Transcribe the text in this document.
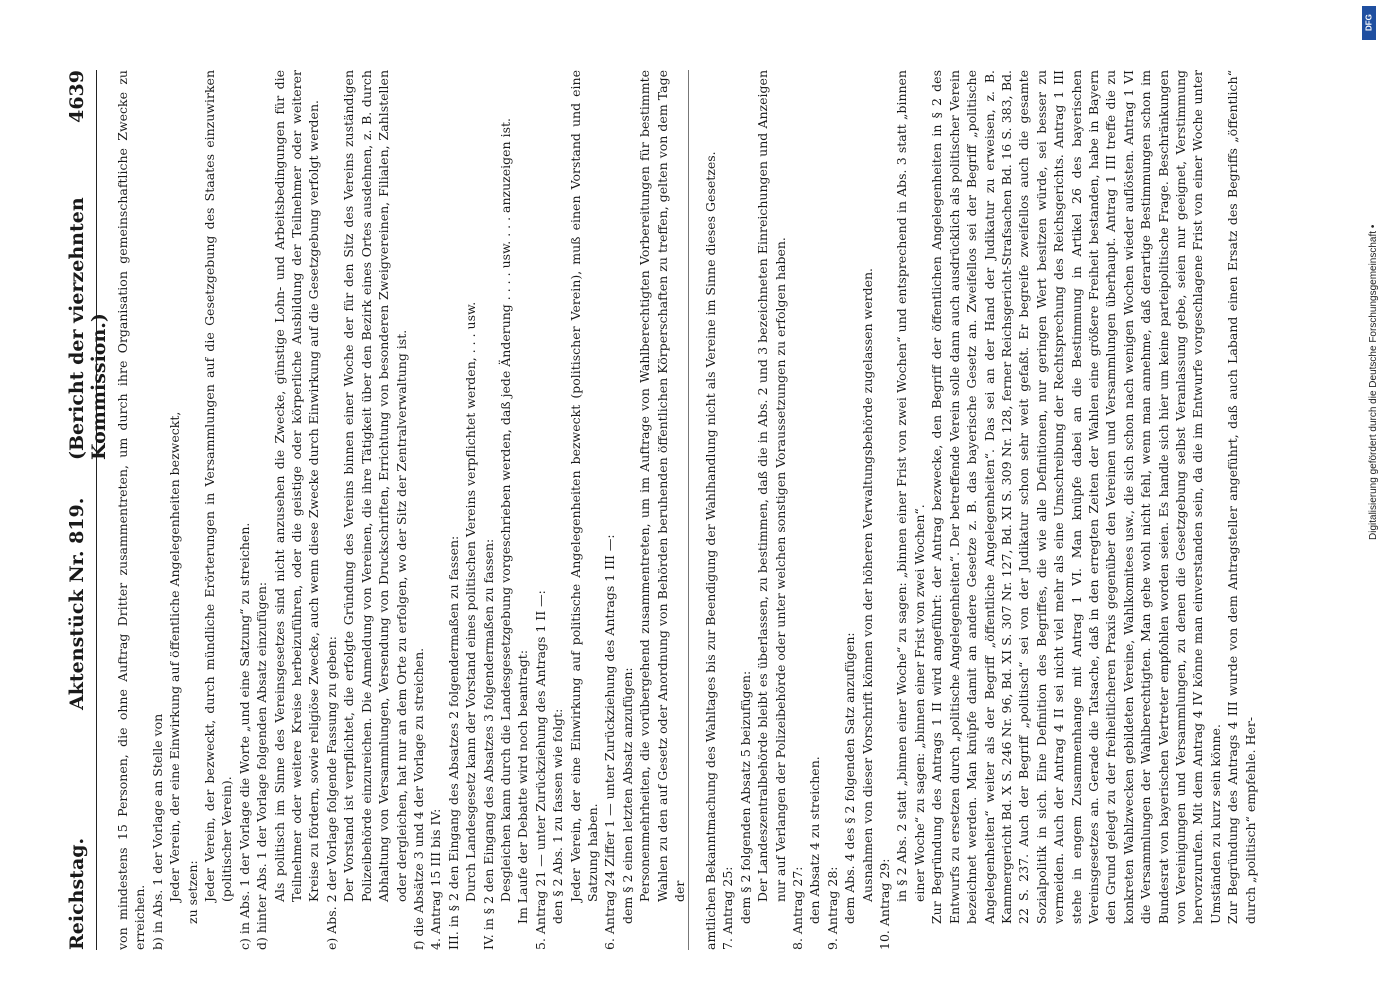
Reichstag.
Aktenstück Nr. 819.
(Bericht der vierzehnten Kommission.)
4639 von mindestens 15 Personen, die ohne Auftrag Dritter zusammentreten, um durch ihre Organisation gemeinschaftliche Zwecke zu erreichen. b) in Abs. 1 der Vorlage an Stelle von Jeder Verein, der eine Einwirkung auf öffentliche Angelegenheiten bezweckt, zu setzen: Jeder Verein, der bezweckt, durch mündliche Erörterungen in Versammlungen auf die Gesetzgebung des Staates einzuwirken (politischer Verein). c) in Abs. 1 der Vorlage die Worte „und eine Satzung“ zu streichen. d) hinter Abs. 1 der Vorlage folgenden Absatz einzufügen: Als politisch im Sinne des Vereinsgesetzes sind nicht anzusehen die Zwecke, günstige Lohn- und Arbeitsbedingungen für die Teilnehmer oder weitere Kreise herbeizuführen, oder die geistige oder körperliche Ausbildung der Teilnehmer oder weiterer Kreise zu fördern, sowie religiöse Zwecke, auch wenn diese Zwecke durch Einwirkung auf die Gesetzgebung verfolgt werden. e) Abs. 2 der Vorlage folgende Fassung zu geben: Der Vorstand ist verpflichtet, die erfolgte Gründung des Vereins binnen einer Woche der für den Sitz des Vereins zuständigen Polizeibehörde einzureichen. Die Anmeldung von Vereinen, die ihre Tätigkeit über den Bezirk eines Ortes ausdehnen, z. B. durch Abhaltung von Versammlungen, Versendung von Druckschriften, Errichtung von besonderen Zweigvereinen, Filialen, Zahlstellen oder dergleichen, hat nur an dem Orte zu erfolgen, wo der Sitz der Zentralverwaltung ist. f) die Absätze 3 und 4 der Vorlage zu streichen. 4. Antrag 15 III bis IV: III. in § 2 den Eingang des Absatzes 2 folgendermaßen zu fassen: Durch Landesgesetz kann der Vorstand eines politischen Vereins verpflichtet werden, . . . usw. IV. in § 2 den Eingang des Absatzes 3 folgendermaßen zu fassen: Desgleichen kann durch die Landesgesetzgebung vorgeschrieben werden, daß jede Änderung . . . . usw. . . . anzuzeigen ist. Im Laufe der Debatte wird noch beantragt: 5. Antrag 21 — unter Zurückziehung des Antrags 1 II —: den § 2 Abs. 1 zu fassen wie folgt: Jeder Verein, der eine Einwirkung auf politische Angelegenheiten bezweckt (politischer Verein), muß einen Vorstand und eine Satzung haben. 6. Antrag 24 Ziffer 1 — unter Zurückziehung des Antrags 1 III —: dem § 2 einen letzten Absatz anzufügen: Personenmehrheiten, die vorübergehend zusammentreten, um im Auftrage von Wahlberechtigten Vorbereitungen für bestimmte Wahlen zu den auf Gesetz oder Anordnung von Behörden beruhenden öffentlichen Körperschaften zu treffen, gelten von dem Tage der amtlichen Bekanntmachung des Wahltages bis zur Beendigung der Wahlhandlung nicht als Vereine im Sinne dieses Gesetzes. 7. Antrag 25: dem § 2 folgenden Absatz 5 beizufügen: Der Landeszentralbehörde bleibt es überlassen, zu bestimmen, daß die in Abs. 2 und 3 bezeichneten Einreichungen und Anzeigen nur auf Verlangen der Polizeibehörde oder unter welchen sonstigen Voraussetzungen zu erfolgen haben.

8. Antrag 27: den Absatz 4 zu streichen. 9. Antrag 28: dem Abs. 4 des § 2 folgenden Satz anzufügen: Ausnahmen von dieser Vorschrift können von der höheren Verwaltungsbehörde zugelassen werden.

10. Antrag 29:

in § 2 Abs. 2 statt „binnen einer Woche“ zu sagen: „binnen einer Frist von zwei Wochen“ und entsprechend in Abs. 3 statt „binnen einer Woche“ zu sagen: „binnen einer Frist von zwei Wochen“. Zur Begründung des Antrags 1 II wird angeführt: der Antrag bezwecke, den Begriff der öffentlichen Angelegenheiten in § 2 des Entwurfs zu ersetzen durch „politische Angelegenheiten“. Der betreffende Verein solle dann auch ausdrücklich als politischer Verein bezeichnet werden. Man knüpfe damit an andere Gesetze z. B. das bayerische Gesetz an. Zweifellos sei der Begriff „politische Angelegenheiten“ weiter als der Begriff „öffentliche Angelegenheiten“. Das sei an der Hand der Judikatur zu erweisen, z. B. Kammergericht Bd. X S. 246 Nr. 96, Bd. XI S. 307 Nr. 127, Bd. XI S. 309 Nr. 128, ferner Reichsgericht-Strafsachen Bd. 16 S. 383, Bd. 22 S. 237. Auch der Begriff „politisch“ sei von der Judikatur schon sehr weit gefaßt. Er begreife zweifellos auch die gesamte Sozialpolitik in sich. Eine Definition des Begriffes, die wie alle Definitionen, nur geringen Wert besitzen würde, sei besser zu vermeiden. Auch der Antrag 4 II sei nicht viel mehr als eine Umschreibung der Rechtsprechung des Reichsgerichts. Antrag 1 III stehe in engem Zusammenhange mit Antrag 1 VI. Man knüpfe dabei an die Bestimmung in Artikel 26 des bayerischen Vereinsgesetzes an. Gerade die Tatsache, daß in den erregten Zeiten der Wahlen eine größere Freiheit bestanden, habe in Bayern den Grund gelegt zu der freiheitlicheren Praxis gegenüber den Vereinen und Versammlungen überhaupt. Antrag 1 III treffe die zu konkreten Wahlzwecken gebildeten Vereine, Wahlkomitees usw., die sich schon nach wenigen Wochen wieder auflösten. Antrag 1 VI die Versammlungen der Wahlberechtigten. Man gehe wohl nicht fehl, wenn man annehme, daß derartige Bestimmungen schon im Bundesrat von bayerischen Vertreter empfohlen worden seien. Es handle sich hier um keine parteipolitische Frage. Beschränkungen von Vereinigungen und Versammlungen, zu denen die Gesetzgebung selbst Veranlassung gebe, seien nur geeignet, Verstimmung hervorzurufen. Mit dem Antrag 4 IV könne man einverstanden sein, da die im Entwurfe vorgeschlagene Frist von einer Woche unter Umständen zu kurz sein könne. Zur Begründung des Antrags 4 III wurde von dem Antragsteller angeführt, daß auch Laband einen Ersatz des Begriffs „öffentlich“ durch „politisch“ empfehle. Her-

DFG
Digitalisierung gefördert durch die Deutsche Forschungsgemeinschaft •
